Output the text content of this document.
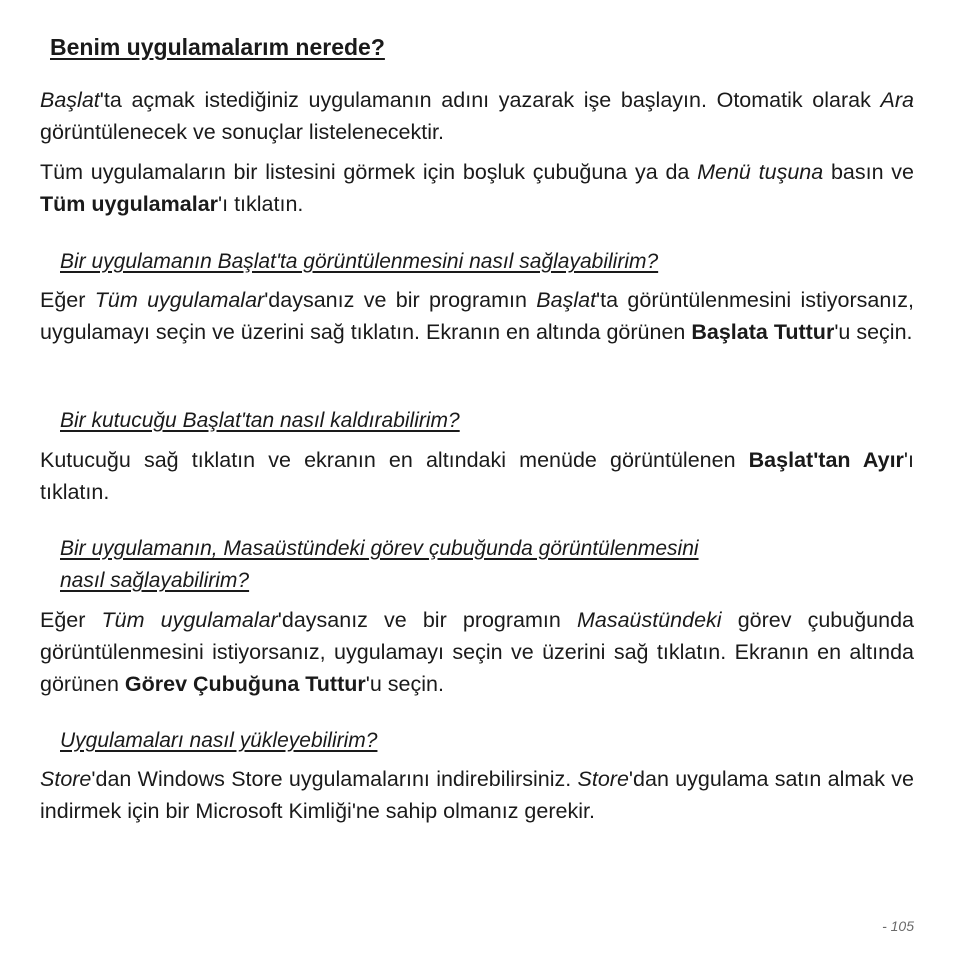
Benim uygulamalarım nerede?

Başlat'ta açmak istediğiniz uygulamanın adını yazarak işe başlayın. Otomatik olarak Ara görüntülenecek ve sonuçlar listelenecektir.

Tüm uygulamaların bir listesini görmek için boşluk çubuğuna ya da Menü tuşuna basın ve Tüm uygulamalar'ı tıklatın.

Bir uygulamanın Başlat'ta görüntülenmesini nasıl sağlayabilirim?

Eğer Tüm uygulamalar'daysanız ve bir programın Başlat'ta görüntülenmesini istiyorsanız, uygulamayı seçin ve üzerini sağ tıklatın. Ekranın en altında görünen Başlata Tuttur'u seçin.

Bir kutucuğu Başlat'tan nasıl kaldırabilirim?

Kutucuğu sağ tıklatın ve ekranın en altındaki menüde görüntülenen Başlat'tan Ayır'ı tıklatın.

Bir uygulamanın, Masaüstündeki görev çubuğunda görüntülenmesini
nasıl sağlayabilirim?

Eğer Tüm uygulamalar'daysanız ve bir programın Masaüstündeki görev çubuğunda görüntülenmesini istiyorsanız, uygulamayı seçin ve üzerini sağ tıklatın. Ekranın en altında görünen Görev Çubuğuna Tuttur'u seçin.

Uygulamaları nasıl yükleyebilirim?

Store'dan Windows Store uygulamalarını indirebilirsiniz. Store'dan uygulama satın almak ve indirmek için bir Microsoft Kimliği'ne sahip olmanız gerekir.

- 105
